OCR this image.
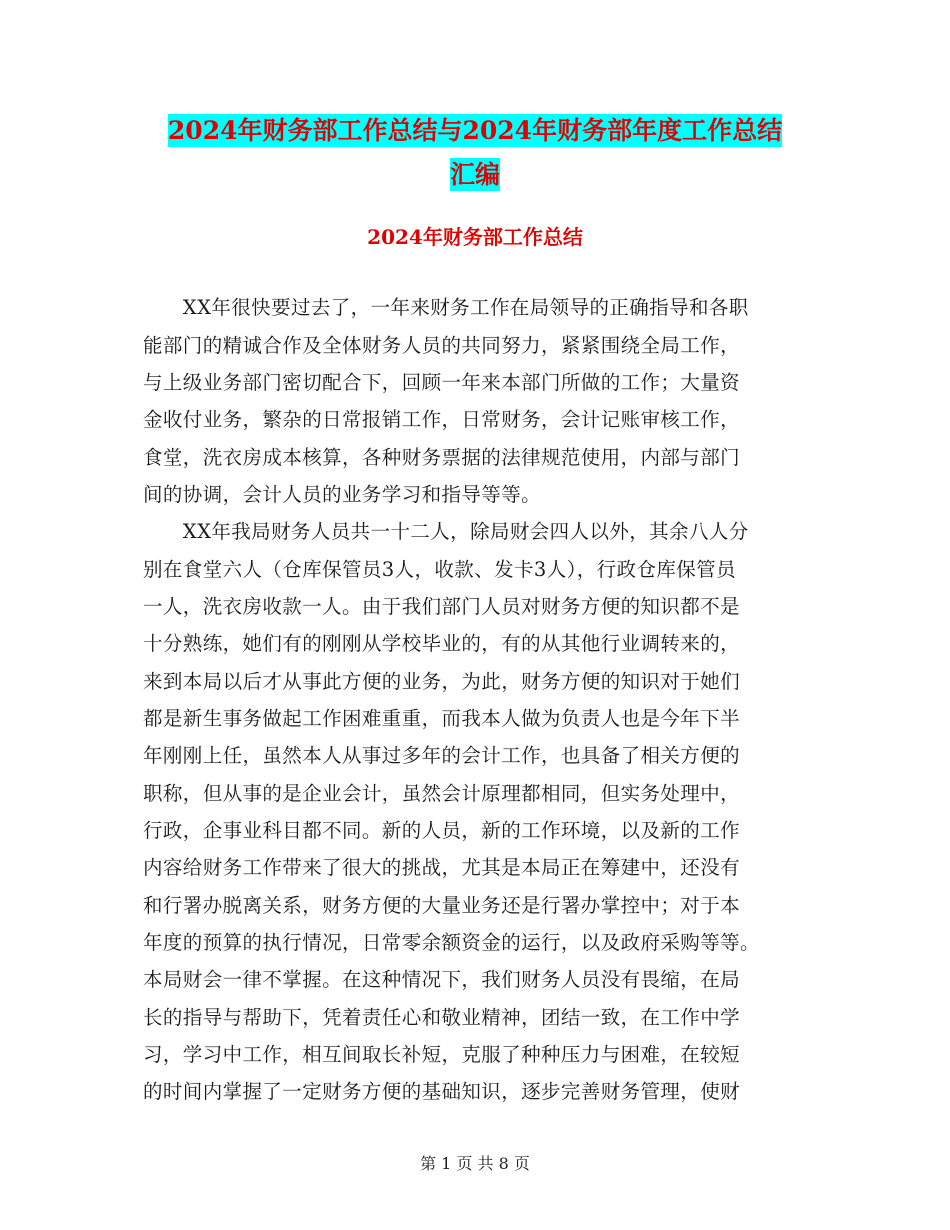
2024年财务部工作总结与2024年财务部年度工作总结
汇编
2024年财务部工作总结
　　XX年很快要过去了，一年来财务工作在局领导的正确指导和各职
能部门的精诚合作及全体财务人员的共同努力，紧紧围绕全局工作，
与上级业务部门密切配合下，回顾一年来本部门所做的工作；大量资
金收付业务，繁杂的日常报销工作，日常财务，会计记账审核工作，
食堂，洗衣房成本核算，各种财务票据的法律规范使用，内部与部门
间的协调，会计人员的业务学习和指导等等。
　　XX年我局财务人员共一十二人，除局财会四人以外，其余八人分
别在食堂六人（仓库保管员3人，收款、发卡3人），行政仓库保管员
一人，洗衣房收款一人。由于我们部门人员对财务方便的知识都不是
十分熟练，她们有的刚刚从学校毕业的，有的从其他行业调转来的，
来到本局以后才从事此方便的业务，为此，财务方便的知识对于她们
都是新生事务做起工作困难重重，而我本人做为负责人也是今年下半
年刚刚上任，虽然本人从事过多年的会计工作，也具备了相关方便的
职称，但从事的是企业会计，虽然会计原理都相同，但实务处理中，
行政，企事业科目都不同。新的人员，新的工作环境，以及新的工作
内容给财务工作带来了很大的挑战，尤其是本局正在筹建中，还没有
和行署办脱离关系，财务方便的大量业务还是行署办掌控中；对于本
年度的预算的执行情况，日常零余额资金的运行，以及政府采购等等。
本局财会一律不掌握。在这种情况下，我们财务人员没有畏缩，在局
长的指导与帮助下，凭着责任心和敬业精神，团结一致，在工作中学
习，学习中工作，相互间取长补短，克服了种种压力与困难，在较短
的时间内掌握了一定财务方便的基础知识，逐步完善财务管理，使财
第 1 页 共 8 页
